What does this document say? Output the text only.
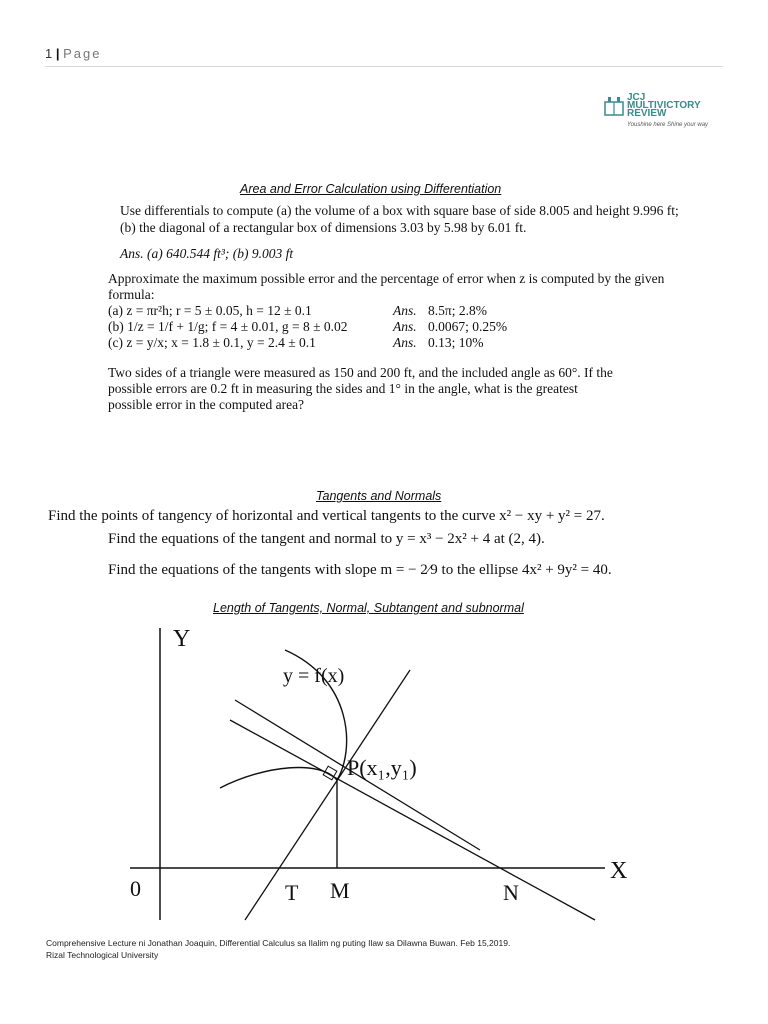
1 | Page
JCJ
MULTIVICTORY
REVIEW
Youshine here Shine your way
Area and Error Calculation using Differentiation
Use differentials to compute (a) the volume of a box with square base of side 8.005 and height 9.996 ft;
(b) the diagonal of a rectangular box of dimensions 3.03 by 5.98 by 6.01 ft.
Ans. (a) 640.544 ft³; (b) 9.003 ft
Approximate the maximum possible error and the percentage of error when z is computed by the given
formula:
(a) z = πr²h; r = 5 ± 0.05, h = 12 ± 0.1	Ans. 8.5π; 2.8%
(b) 1/z = 1/f + 1/g; f = 4 ± 0.01, g = 8 ± 0.02	Ans. 0.0067; 0.25%
(c) z = y/x; x = 1.8 ± 0.1, y = 2.4 ± 0.1	Ans. 0.13; 10%
Two sides of a triangle were measured as 150 and 200 ft, and the included angle as 60°. If the
possible errors are 0.2 ft in measuring the sides and 1° in the angle, what is the greatest
possible error in the computed area?
Tangents and Normals
Find the points of tangency of horizontal and vertical tangents to the curve x² − xy + y² = 27.
Find the equations of the tangent and normal to y = x³ − 2x² + 4 at (2, 4).
Find the equations of the tangents with slope m = − 2⁄9 to the ellipse 4x² + 9y² = 40.
Length of Tangents, Normal, Subtangent and subnormal
Y
X
0
y = f(x)
P(x₁,y₁)
T M	N
Comprehensive Lecture ni Jonathan Joaquin, Differential Calculus sa Ilalim ng puting Ilaw sa Dilawna Buwan. Feb 15,2019.
Rizal Technological University
